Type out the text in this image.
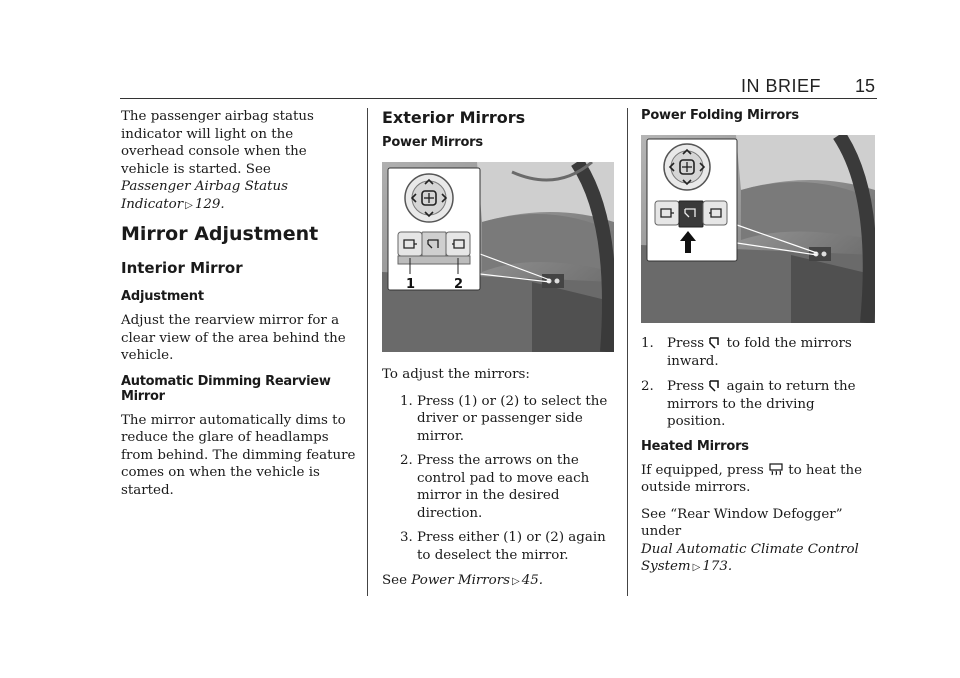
IN BRIEF 15

The passenger airbag status indicator will light on the overhead console when the vehicle is started. See
Passenger Airbag Status Indicator ▷ 129.

Mirror Adjustment
Interior Mirror
Adjustment

Adjust the rearview mirror for a clear view of the area behind the vehicle.

Automatic Dimming Rearview Mirror

The mirror automatically dims to reduce the glare of headlamps from behind. The dimming feature comes on when the vehicle is started.

Exterior Mirrors
Power Mirrors
1	2

To adjust the mirrors:

1. Press (1) or (2) to select the driver or passenger side mirror.
2. Press the arrows on the control pad to move each mirror in the desired direction.
3. Press either (1) or (2) again to deselect the mirror.

See Power Mirrors ▷ 45.

Power Folding Mirrors
1. Press to fold the mirrors inward.
2. Press again to return the mirrors to the driving position.
Heated Mirrors

If equipped, press to heat the outside mirrors.

See “Rear Window Defogger” under
Dual Automatic Climate Control System ▷ 173.
